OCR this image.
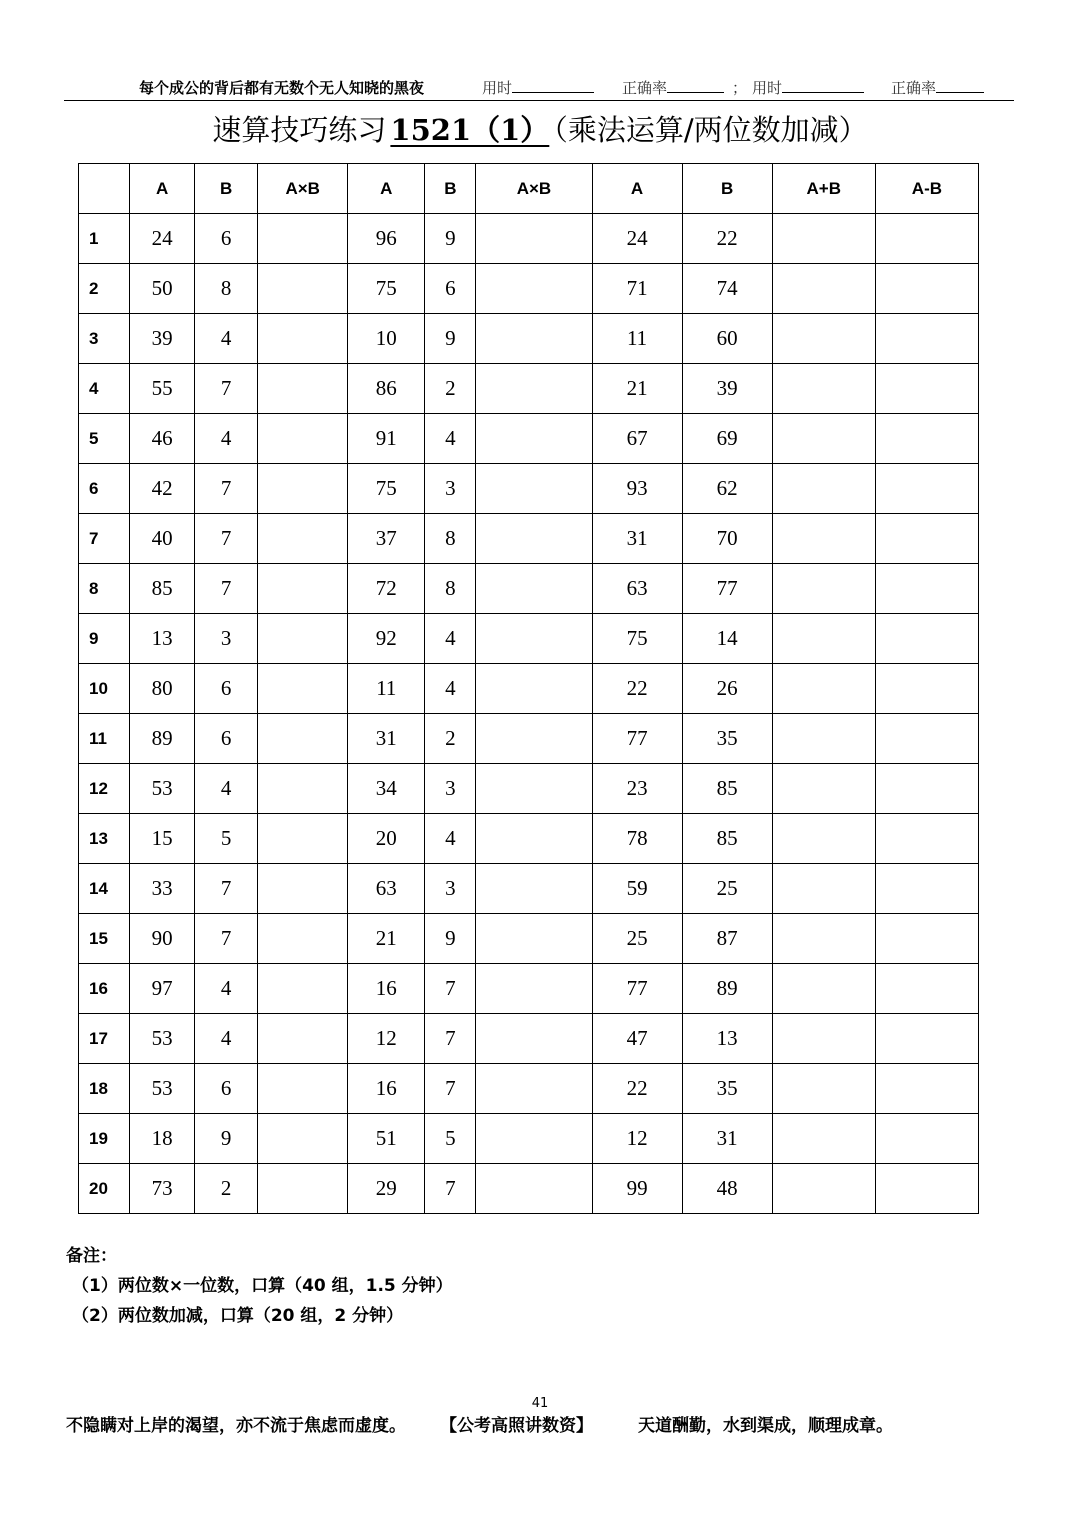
每个成公的背后都有无数个无人知晓的黑夜	用时	正确率	； 用时	正确率
速算技巧练习 1521（1） （乘法运算/两位数加减）
	A	B	A×B	A	B	A×B	A	B	A+B	A-B
1	24	6		96	9		24	22		
2	50	8		75	6		71	74		
3	39	4		10	9		11	60		
4	55	7		86	2		21	39		
5	46	4		91	4		67	69		
6	42	7		75	3		93	62		
7	40	7		37	8		31	70		
8	85	7		72	8		63	77		
9	13	3		92	4		75	14		
10	80	6		11	4		22	26		
11	89	6		31	2		77	35		
12	53	4		34	3		23	85		
13	15	5		20	4		78	85		
14	33	7		63	3		59	25		
15	90	7		21	9		25	87		
16	97	4		16	7		77	89		
17	53	4		12	7		47	13		
18	53	6		16	7		22	35		
19	18	9		51	5		12	31		
20	73	2		29	7		99	48		
备注：
（1）两位数×一位数，口算（40 组，1.5 分钟）
（2）两位数加减，口算（20 组，2 分钟）
41
不隐瞒对上岸的渴望，亦不流于焦虑而虚度。 【公考高照讲数资】	天道酬勤，水到渠成，顺理成章。
